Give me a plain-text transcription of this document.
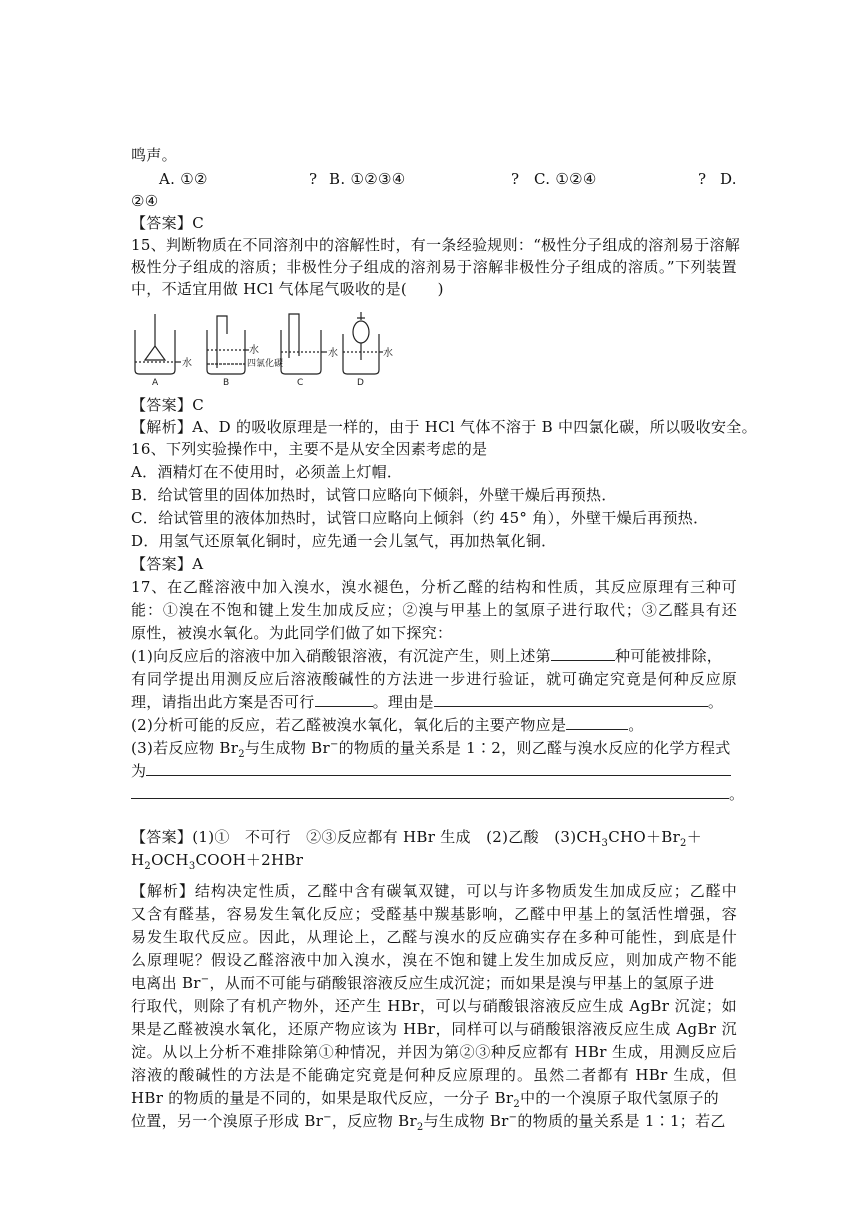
鸣声。
A. ①②	? B. ①②③④	? C. ①②④	? D.
②④
【答案】C
15、判断物质在不同溶剂中的溶解性时，有一条经验规则：“极性分子组成的溶剂易于溶解
极性分子组成的溶质；非极性分子组成的溶剂易于溶解非极性分子组成的溶质。”下列装置
中，不适宜用做 HCl 气体尾气吸收的是(　　)
水
A
水
四氯化碳
B
水
C
水
D
【答案】C
【解析】A、D 的吸收原理是一样的，由于 HCl 气体不溶于 B 中四氯化碳，所以吸收安全。
16、下列实验操作中，主要不是从安全因素考虑的是
A．酒精灯在不使用时，必须盖上灯帽．
B．给试管里的固体加热时，试管口应略向下倾斜，外壁干燥后再预热．
C．给试管里的液体加热时，试管口应略向上倾斜（约 45° 角），外壁干燥后再预热．
D．用氢气还原氧化铜时，应先通一会儿氢气，再加热氧化铜．
【答案】A
17、在乙醛溶液中加入溴水，溴水褪色，分析乙醛的结构和性质，其反应原理有三种可
能：①溴在不饱和键上发生加成反应；②溴与甲基上的氢原子进行取代；③乙醛具有还
原性，被溴水氧化。为此同学们做了如下探究：
(1)向反应后的溶液中加入硝酸银溶液，有沉淀产生，则上述第	种可能被排除，
有同学提出用测反应后溶液酸碱性的方法进一步进行验证，就可确定究竟是何种反应原
理，请指出此方案是否可行	。理由是	。
(2)分析可能的反应，若乙醛被溴水氧化，氧化后的主要产物应是	。
(3)若反应物 $Br_2$与生成物 Br−的物质的量关系是 1∶2，则乙醛与溴水反应的化学方程式
为
。
【答案】(1)①　不可行　②③反应都有 HBr 生成　(2)乙酸　$(3)CH_3CHO+Br_2+$
$H_2OCH_3COOH+2HBr$
【解析】结构决定性质，乙醛中含有碳氧双键，可以与许多物质发生加成反应；乙醛中
又含有醛基，容易发生氧化反应；受醛基中羰基影响，乙醛中甲基上的氢活性增强，容
易发生取代反应。因此，从理论上，乙醛与溴水的反应确实存在多种可能性，到底是什
么原理呢？假设乙醛溶液中加入溴水，溴在不饱和键上发生加成反应，则加成产物不能
电离出 Br−，从而不可能与硝酸银溶液反应生成沉淀；而如果是溴与甲基上的氢原子进
行取代，则除了有机产物外，还产生 HBr，可以与硝酸银溶液反应生成 AgBr 沉淀；如
果是乙醛被溴水氧化，还原产物应该为 HBr，同样可以与硝酸银溶液反应生成 AgBr 沉
淀。从以上分析不难排除第①种情况，并因为第②③种反应都有 HBr 生成，用测反应后
溶液的酸碱性的方法是不能确定究竟是何种反应原理的。虽然二者都有 HBr 生成，但
HBr 的物质的量是不同的，如果是取代反应，一分子 $Br_2$中的一个溴原子取代氢原子的
位置，另一个溴原子形成 Br−，反应物 $Br_2$与生成物 Br−的物质的量关系是 1∶1；若乙
